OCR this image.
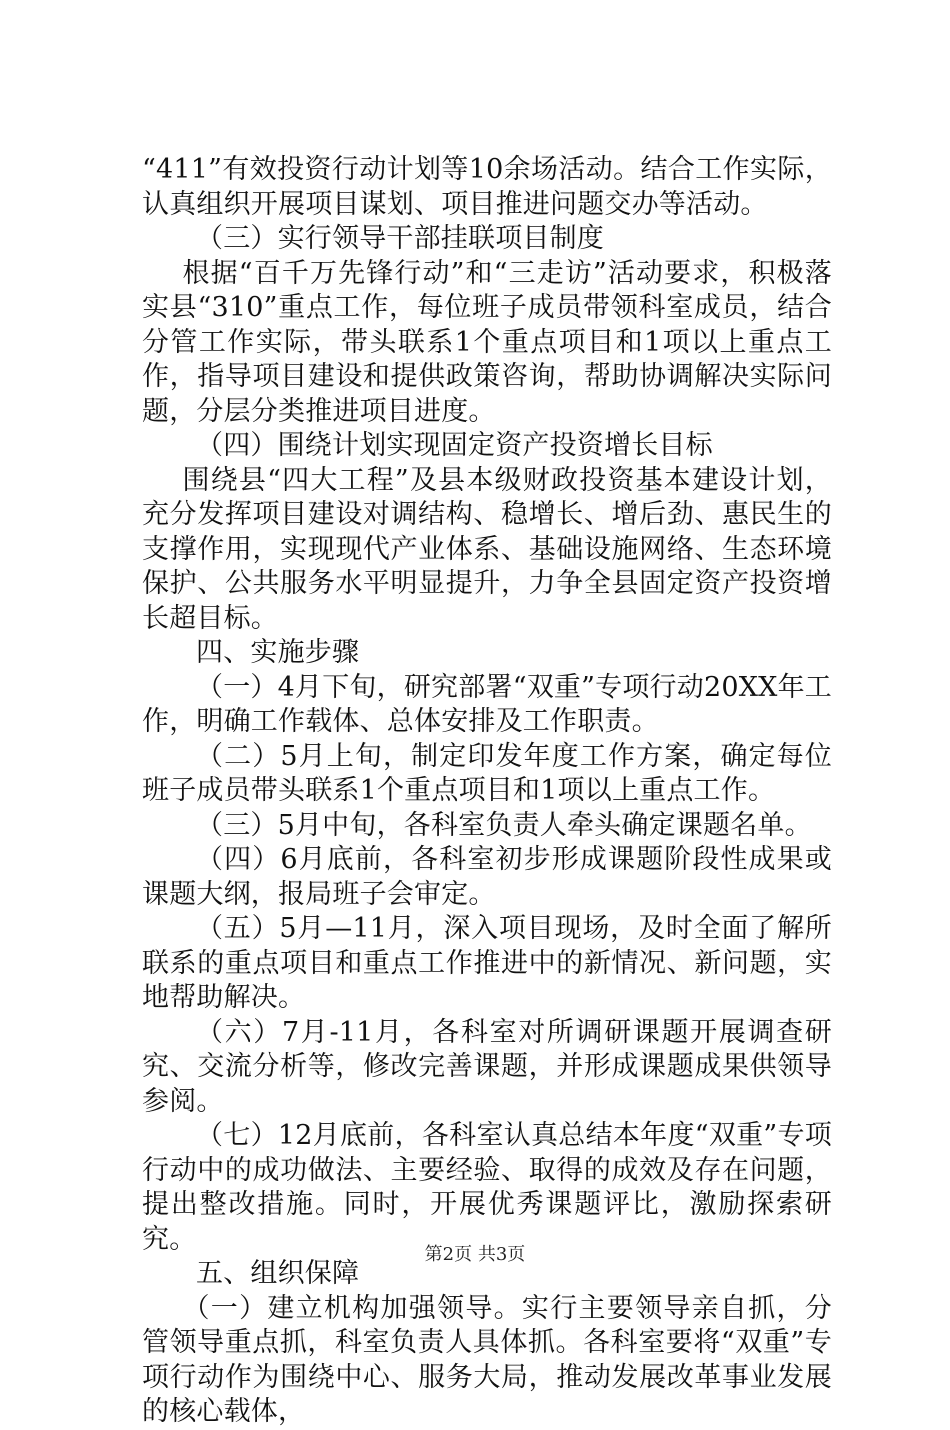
“411”有效投资行动计划等10余场活动。结合工作实际，认真组织开展项目谋划、项目推进问题交办等活动。

（三）实行领导干部挂联项目制度

根据“百千万先锋行动”和“三走访”活动要求，积极落实县“310”重点工作，每位班子成员带领科室成员，结合分管工作实际，带头联系1个重点项目和1项以上重点工作，指导项目建设和提供政策咨询，帮助协调解决实际问题，分层分类推进项目进度。

（四）围绕计划实现固定资产投资增长目标

围绕县“四大工程”及县本级财政投资基本建设计划，充分发挥项目建设对调结构、稳增长、增后劲、惠民生的支撑作用，实现现代产业体系、基础设施网络、生态环境保护、公共服务水平明显提升，力争全县固定资产投资增长超目标。

四、实施步骤

（一）4月下旬，研究部署“双重”专项行动20XX年工作，明确工作载体、总体安排及工作职责。

（二）5月上旬，制定印发年度工作方案，确定每位班子成员带头联系1个重点项目和1项以上重点工作。

（三）5月中旬，各科室负责人牵头确定课题名单。

（四）6月底前，各科室初步形成课题阶段性成果或课题大纲，报局班子会审定。

（五）5月—11月，深入项目现场，及时全面了解所联系的重点项目和重点工作推进中的新情况、新问题，实地帮助解决。

（六）7月-11月，各科室对所调研课题开展调查研究、交流分析等，修改完善课题，并形成课题成果供领导参阅。

（七）12月底前，各科室认真总结本年度“双重”专项行动中的成功做法、主要经验、取得的成效及存在问题，提出整改措施。同时，开展优秀课题评比，激励探索研究。

五、组织保障

（一）建立机构加强领导。实行主要领导亲自抓，分管领导重点抓，科室负责人具体抓。各科室要将“双重”专项行动作为围绕中心、服务大局，推动发展改革事业发展的核心载体，

第2页 共3页
